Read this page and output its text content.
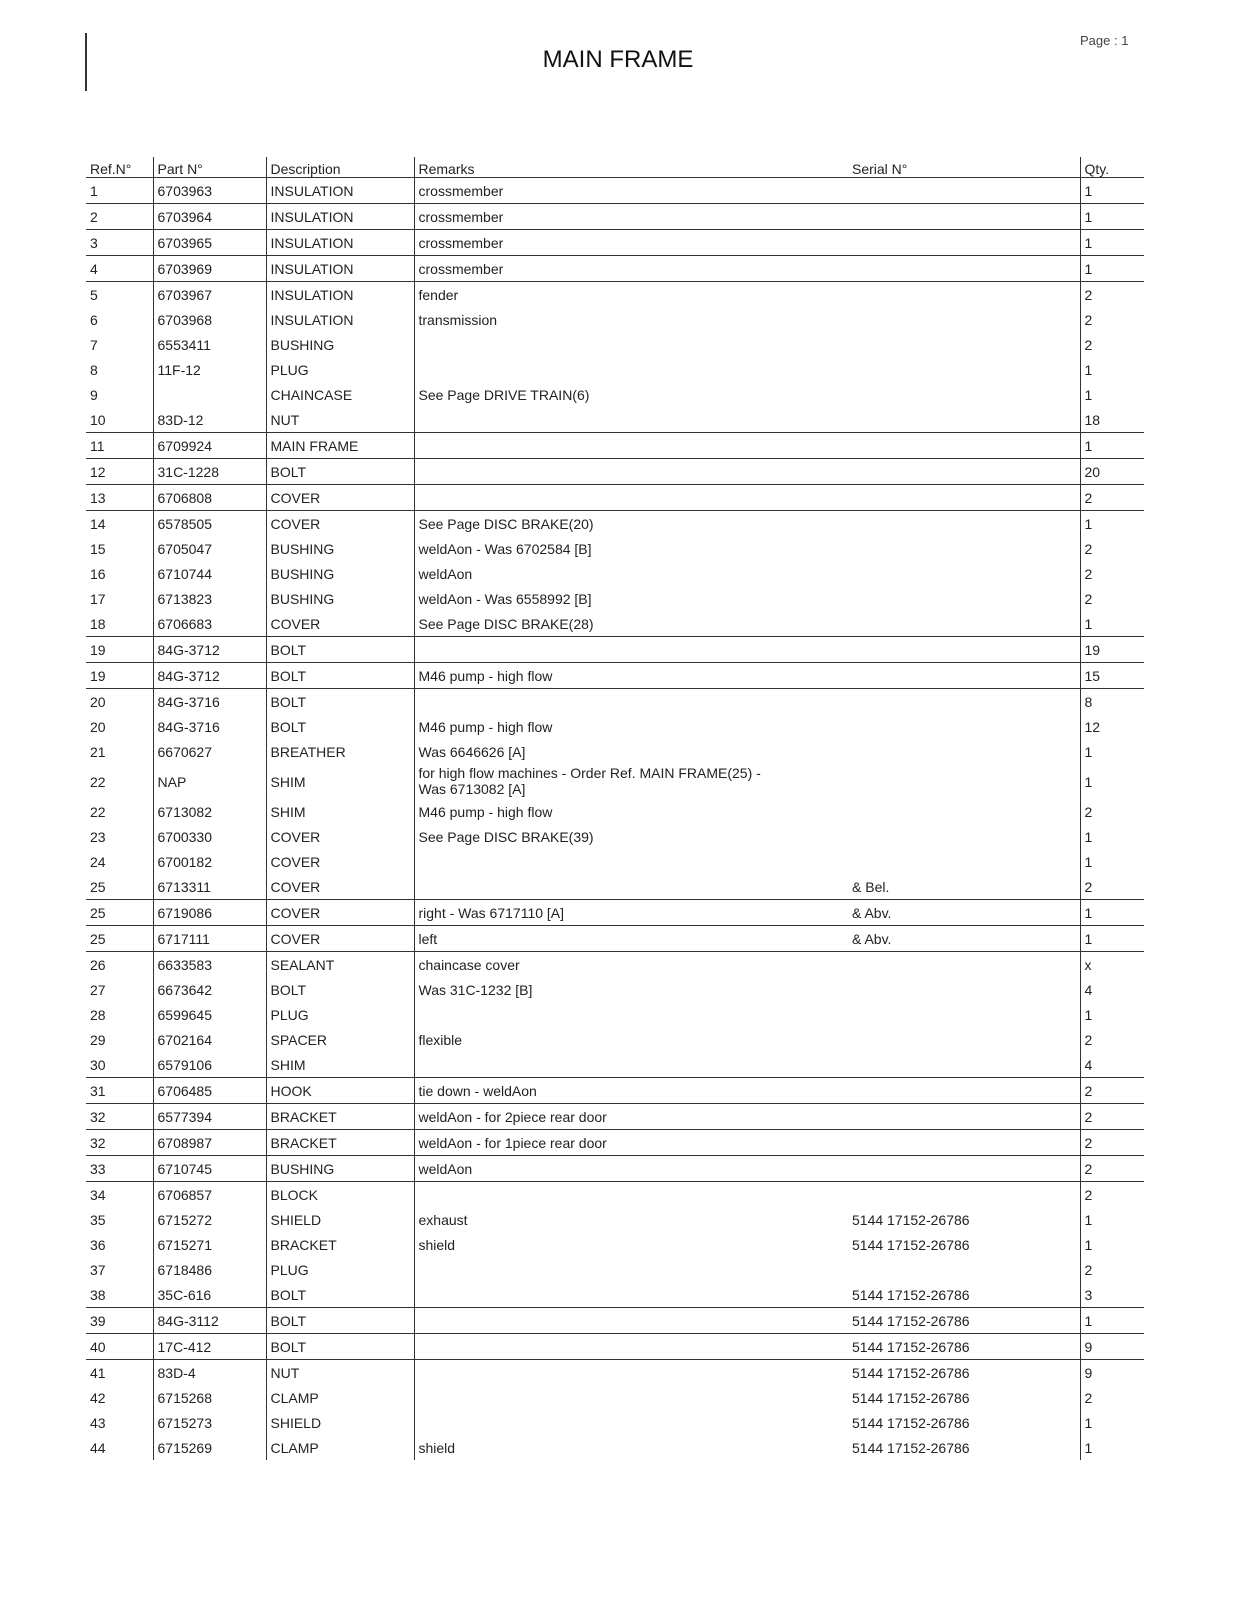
Page : 1
MAIN FRAME
Ref.N°	Part N°	Description	Remarks	Serial N°	Qty.
1	6703963	INSULATION	crossmember		1
2	6703964	INSULATION	crossmember		1
3	6703965	INSULATION	crossmember		1
4	6703969	INSULATION	crossmember		1
5	6703967	INSULATION	fender		2
6	6703968	INSULATION	transmission		2
7	6553411	BUSHING			2
8	11F-12	PLUG			1
9		CHAINCASE	See Page DRIVE TRAIN(6)		1
10	83D-12	NUT			18
11	6709924	MAIN FRAME			1
12	31C-1228	BOLT			20
13	6706808	COVER			2
14	6578505	COVER	See Page DISC BRAKE(20)		1
15	6705047	BUSHING	weldAon - Was 6702584 [B]		2
16	6710744	BUSHING	weldAon		2
17	6713823	BUSHING	weldAon - Was 6558992 [B]		2
18	6706683	COVER	See Page DISC BRAKE(28)		1
19	84G-3712	BOLT			19
19	84G-3712	BOLT	M46 pump - high flow		15
20	84G-3716	BOLT			8
20	84G-3716	BOLT	M46 pump - high flow		12
21	6670627	BREATHER	Was 6646626 [A]		1
22	NAP	SHIM	for high flow machines - Order Ref. MAIN FRAME(25) - Was 6713082 [A]		1
22	6713082	SHIM	M46 pump - high flow		2
23	6700330	COVER	See Page DISC BRAKE(39)		1
24	6700182	COVER			1
25	6713311	COVER		& Bel.	2
25	6719086	COVER	right - Was 6717110 [A]	& Abv.	1
25	6717111	COVER	left	& Abv.	1
26	6633583	SEALANT	chaincase cover		x
27	6673642	BOLT	Was 31C-1232 [B]		4
28	6599645	PLUG			1
29	6702164	SPACER	flexible		2
30	6579106	SHIM			4
31	6706485	HOOK	tie down - weldAon		2
32	6577394	BRACKET	weldAon - for 2piece rear door		2
32	6708987	BRACKET	weldAon - for 1piece rear door		2
33	6710745	BUSHING	weldAon		2
34	6706857	BLOCK			2
35	6715272	SHIELD	exhaust	5144 17152-26786	1
36	6715271	BRACKET	shield	5144 17152-26786	1
37	6718486	PLUG			2
38	35C-616	BOLT		5144 17152-26786	3
39	84G-3112	BOLT		5144 17152-26786	1
40	17C-412	BOLT		5144 17152-26786	9
41	83D-4	NUT		5144 17152-26786	9
42	6715268	CLAMP		5144 17152-26786	2
43	6715273	SHIELD		5144 17152-26786	1
44	6715269	CLAMP	shield	5144 17152-26786	1
